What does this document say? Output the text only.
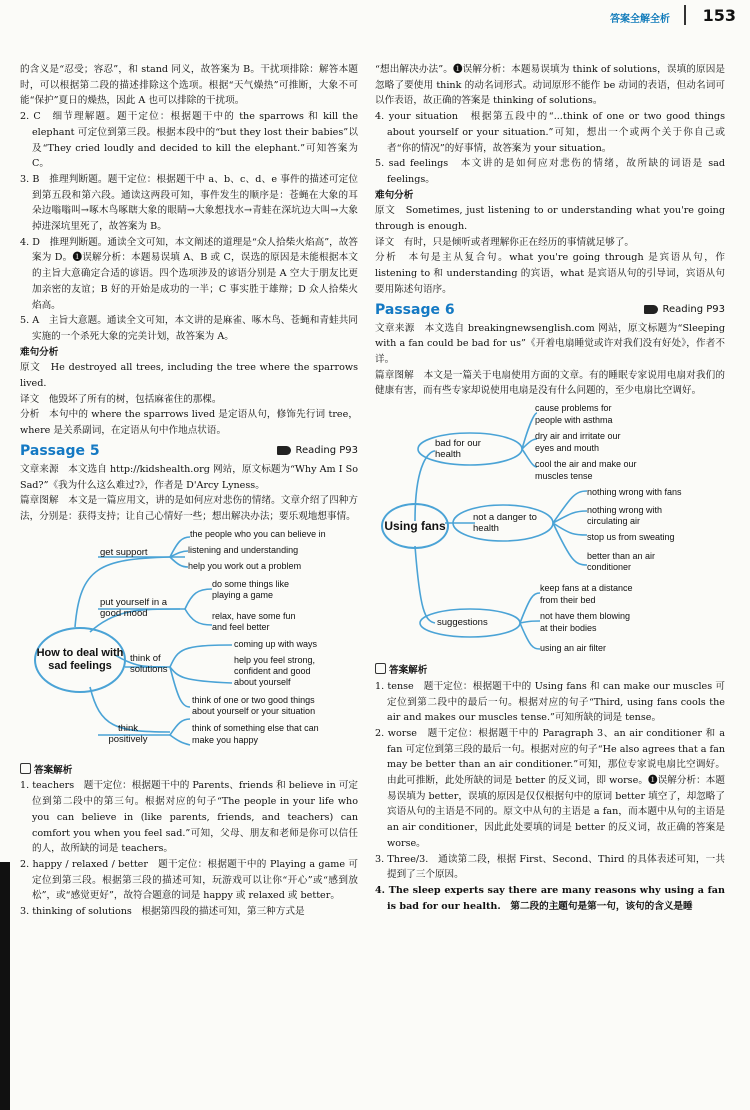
答案全解全析 153

的含义是“忍受；容忍”，和 stand 同义，故答案为 B。干扰项排除：解答本题时，可以根据第二段的描述排除这个选项。根据“天气燥热”可推断，大象不可能“保护”夏日的燥热，因此 A 也可以排除的干扰项。

2. C　细节理解题。题干定位：根据题干中的 the sparrows 和 kill the elephant 可定位到第三段。根据本段中的“but they lost their babies”以及“They cried loudly and decided to kill the elephant.”可知答案为 C。

3. B　推理判断题。题干定位：根据题干中 a、b、c、d、e 事件的描述可定位到第五段和第六段。通读这两段可知，事件发生的顺序是：苍蝇在大象的耳朵边嗡嗡叫→啄木鸟啄瞎大象的眼睛→大象想找水→青蛙在深坑边大叫→大象掉进深坑里死了，故答案为 B。

4. D　推理判断题。通读全文可知，本文阐述的道理是“众人拾柴火焰高”，故答案为 D。❶误解分析：本题易误填 A、B 或 C，误选的原因是未能根据本文的主旨大意确定合适的谚语。四个选项涉及的谚语分别是 A 空大于朋友比更加亲密的友谊；B 好的开始是成功的一半；C 事实胜于雄辩；D 众人拾柴火焰高。

5. A　主旨大意题。通读全文可知，本文讲的是麻雀、啄木鸟、苍蝇和青蛙共同实施的一个杀死大象的完美计划，故答案为 A。

难句分析

原文　He destroyed all trees, including the tree where the sparrows lived.

译文　他毁坏了所有的树，包括麻雀住的那棵。

分析　本句中的 where the sparrows lived 是定语从句，修饰先行词 tree，where 是关系副词，在定语从句中作地点状语。

Passage 5	Reading P93

文章来源　本文选自 http://kidshealth.org 网站，原文标题为“Why Am I So Sad?”《我为什么这么难过?》，作者是 D'Arcy Lyness。

篇章图解　本文是一篇应用文，讲的是如何应对悲伤的情绪。文章介绍了四种方法，分别是：获得支持；让自己心情好一些；想出解决办法；要乐观地想事情。

How to deal with sad feelings
get support
put yourself in a good mood
think of solutions
think positively
the people who you can believe in
listening and understanding
help you work out a problem
do some things like
playing a game
relax, have some fun
and feel better
coming up with ways
help you feel strong,
confident and good
about yourself
think of one or two good things
about yourself or your situation
think of something else that can
make you happy

答案解析

1. teachers　题干定位：根据题干中的 Parents、friends 和 believe in 可定位到第二段中的第三句。根据对应的句子“The people in your life who you can believe in (like parents, friends, and teachers) can comfort you when you feel sad.”可知，父母、朋友和老师是你可以信任的人，故所缺的词是 teachers。

2. happy / relaxed / better　题干定位：根据题干中的 Playing a game 可定位到第三段。根据第三段的描述可知，玩游戏可以让你“开心”或“感到放松”，或“感觉更好”，故符合题意的词是 happy 或 relaxed 或 better。

3. thinking of solutions　根据第四段的描述可知，第三种方式是

“想出解决办法”。❶误解分析：本题易误填为 think of solutions，误填的原因是忽略了要使用 think 的动名词形式。动词原形不能作 be 动词的表语，但动名词可以作表语，故正确的答案是 thinking of solutions。

4. your situation　根据第五段中的“...think of one or two good things about yourself or your situation.”可知，想出一个或两个关于你自己或者“你的情况”的好事情，故答案为 your situation。

5. sad feelings　本文讲的是如何应对悲伤的情绪，故所缺的词语是 sad feelings。

难句分析

原文　Sometimes, just listening to or understanding what you're going through is enough.

译文　有时，只是倾听或者理解你正在经历的事情就足够了。

分析　本句是主从复合句。what you're going through 是宾语从句，作 listening to 和 understanding 的宾语，what 是宾语从句的引导词，宾语从句要用陈述句语序。

Passage 6	Reading P93

文章来源　本文选自 breakingnewsenglish.com 网站，原文标题为“Sleeping with a fan could be bad for us”《开着电扇睡觉或许对我们没有好处》，作者不详。

篇章图解　本文是一篇关于电扇使用方面的文章。有的睡眠专家说用电扇对我们的健康有害，而有些专家却说使用电扇是没有什么问题的，至少电扇比空调好。

Using fans
bad for our health
not a danger to health
suggestions
cause problems for
people with asthma
dry air and irritate our
eyes and mouth
cool the air and make our
muscles tense
nothing wrong with fans
nothing wrong with
circulating air
stop us from sweating
better than an air
conditioner
keep fans at a distance
from their bed
not have them blowing
at their bodies
using an air filter

答案解析

1. tense　题干定位：根据题干中的 Using fans 和 can make our muscles 可定位到第二段中的最后一句。根据对应的句子“Third, using fans cools the air and makes our muscles tense.”可知所缺的词是 tense。

2. worse　题干定位：根据题干中的 Paragraph 3、an air conditioner 和 a fan 可定位到第三段的最后一句。根据对应的句子“He also agrees that a fan may be better than an air conditioner.”可知，那位专家说电扇比空调好。由此可推断，此处所缺的词是 better 的反义词，即 worse。❶误解分析：本题易误填为 better，误填的原因是仅仅根据句中的原词 better 填空了，却忽略了宾语从句的主语是不同的。原文中从句的主语是 a fan，而本题中从句的主语是 an air conditioner，因此此处要填的词是 better 的反义词，故正确的答案是 worse。

3. Three/3.　通读第二段，根据 First、Second、Third 的具体表述可知，一共提到了三个原因。

4. The sleep experts say there are many reasons why using a fan is bad for our health.　第二段的主题句是第一句，该句的含义是睡
